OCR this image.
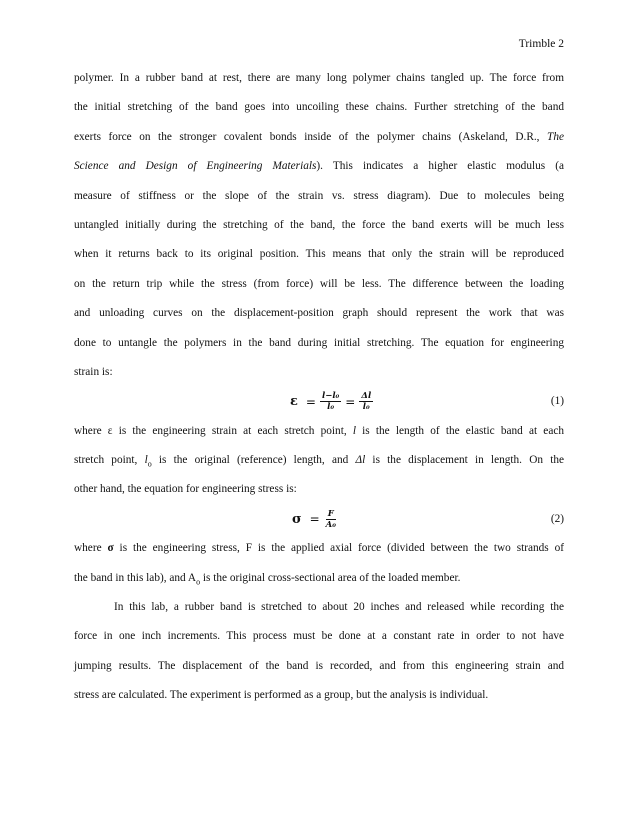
Trimble 2
polymer. In a rubber band at rest, there are many long polymer chains tangled up. The force from
the initial stretching of the band goes into uncoiling these chains. Further stretching of the band
exerts force on the stronger covalent bonds inside of the polymer chains (Askeland, D.R., The
Science and Design of Engineering Materials). This indicates a higher elastic modulus (a
measure of stiffness or the slope of the strain vs. stress diagram). Due to molecules being
untangled initially during the stretching of the band, the force the band exerts will be much less
when it returns back to its original position. This means that only the strain will be reproduced
on the return trip while the stress (from force) will be less. The difference between the loading
and unloading curves on the displacement-position graph should represent the work that was
done to untangle the polymers in the band during initial stretching. The equation for engineering
strain is:
$\varepsilon = \frac{\text{l−l₀}}{\text{l₀}} = \frac{\Delta l}{\text{l₀}}$	(1)
where ε is the engineering strain at each stretch point, l is the length of the elastic band at each
stretch point, $l_o$ is the original (reference) length, and Δl is the displacement in length. On the
other hand, the equation for engineering stress is:
$\sigma = \frac{F}{\text{A₀}}$	(2)
where σ is the engineering stress, F is the applied axial force (divided between the two strands of
the band in this lab), and $A_o$ is the original cross-sectional area of the loaded member.
In this lab, a rubber band is stretched to about 20 inches and released while recording the
force in one inch increments. This process must be done at a constant rate in order to not have
jumping results. The displacement of the band is recorded, and from this engineering strain and
stress are calculated. The experiment is performed as a group, but the analysis is individual.
